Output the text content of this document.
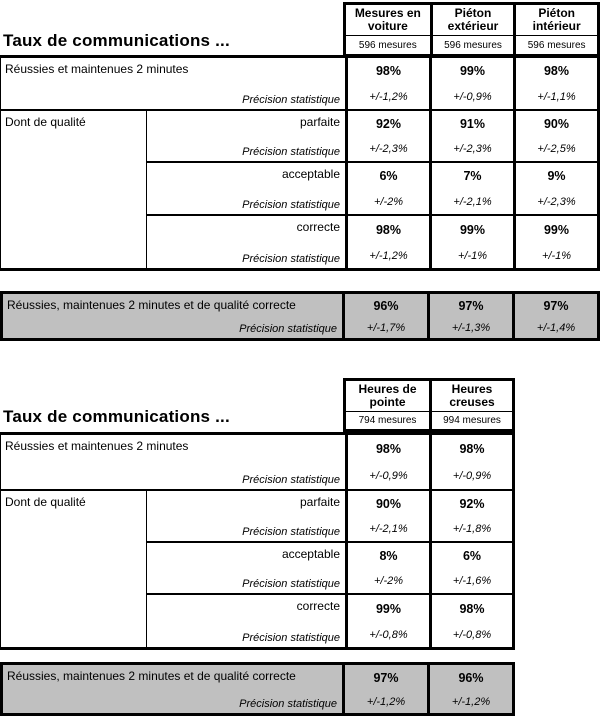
Mesures en voiture
596 mesures
Piéton extérieur
596 mesures
Piéton intérieur
596 mesures
Taux de communications ...
Réussies et maintenues 2 minutes
Précision statistique
98%
+/-1,2%
99%
+/-0,9%
98%
+/-1,1%
Dont de qualité	parfaite
Précision statistique
92%
+/-2,3%
91%
+/-2,3%
90%
+/-2,5%
acceptable
Précision statistique
6%
+/-2%
7%
+/-2,1%
9%
+/-2,3%
correcte
Précision statistique
98%
+/-1,2%
99%
+/-1%
99%
+/-1%
Réussies, maintenues 2 minutes et de qualité correcte
Précision statistique
96%
+/-1,7%
97%
+/-1,3%
97%
+/-1,4%
Heures de pointe
794 mesures
Heures creuses
994 mesures
Taux de communications ...
Réussies et maintenues 2 minutes
Précision statistique
98%
+/-0,9%
98%
+/-0,9%
Dont de qualité	parfaite
Précision statistique
90%
+/-2,1%
92%
+/-1,8%
acceptable
Précision statistique
8%
+/-2%
6%
+/-1,6%
correcte
Précision statistique
99%
+/-0,8%
98%
+/-0,8%
Réussies, maintenues 2 minutes et de qualité correcte
Précision statistique
97%
+/-1,2%
96%
+/-1,2%
